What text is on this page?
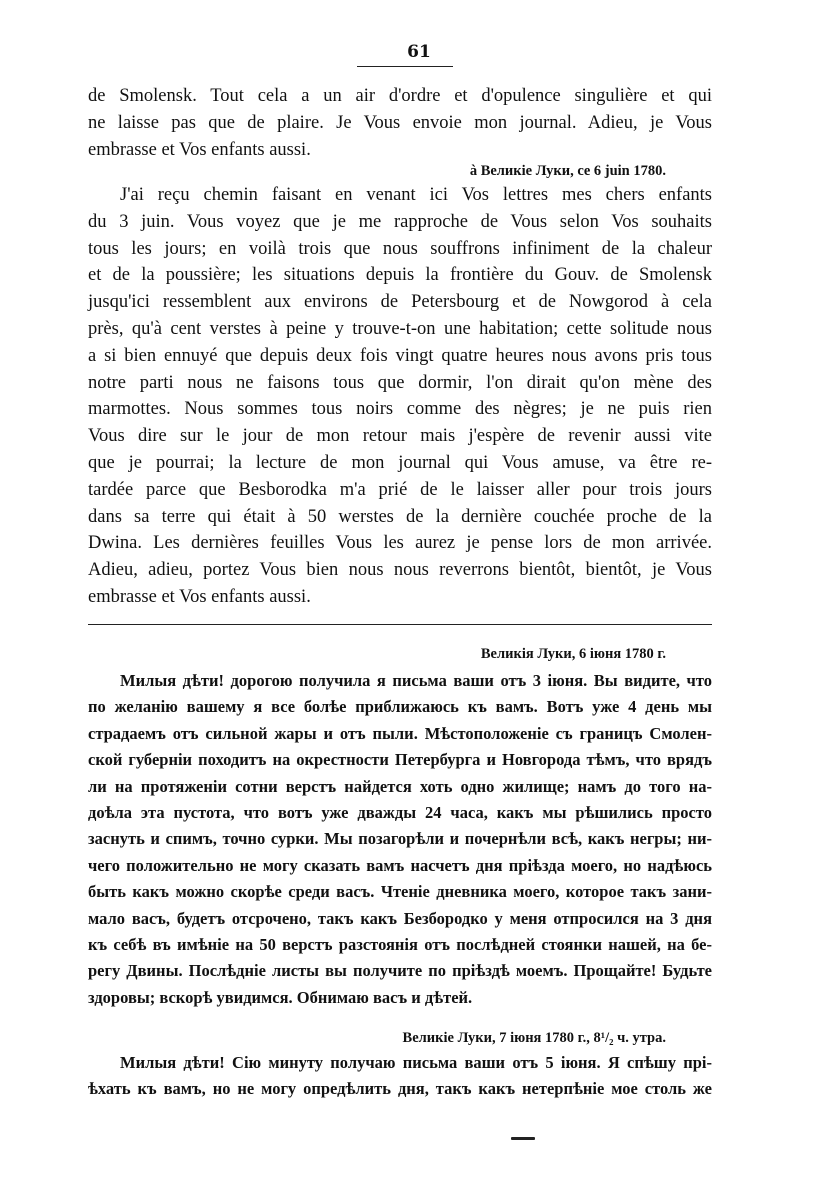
61
de Smolensk. Tout cela a un air d'ordre et d'opulence singulière et qui
ne laisse pas que de plaire. Je Vous envoie mon journal. Adieu, je Vous
embrasse et Vos enfants aussi.
à Великіе Луки, ce 6 juin 1780.
J'ai reçu chemin faisant en venant ici Vos lettres mes chers enfants
du 3 juin. Vous voyez que je me rapproche de Vous selon Vos souhaits
tous les jours; en voilà trois que nous souffrons infiniment de la chaleur
et de la poussière; les situations depuis la frontière du Gouv. de Smolensk
jusqu'ici ressemblent aux environs de Petersbourg et de Nowgorod à cela
près, qu'à cent verstes à peine y trouve-t-on une habitation; cette solitude nous
a si bien ennuyé que depuis deux fois vingt quatre heures nous avons pris tous
notre parti nous ne faisons tous que dormir, l'on dirait qu'on mène des
marmottes. Nous sommes tous noirs comme des nègres; je ne puis rien
Vous dire sur le jour de mon retour mais j'espère de revenir aussi vite
que je pourrai; la lecture de mon journal qui Vous amuse, va être re-
tardée parce que Besborodka m'a prié de le laisser aller pour trois jours
dans sa terre qui était à 50 werstes de la dernière couchée proche de la
Dwina. Les dernières feuilles Vous les aurez je pense lors de mon arrivée.
Adieu, adieu, portez Vous bien nous nous reverrons bientôt, bientôt, je Vous
embrasse et Vos enfants aussi.
Великія Луки, 6 іюня 1780 г.
Милыя дѣти! дорогою получила я письма ваши отъ 3 іюня. Вы видите, что
по желанію вашему я все болѣе приближаюсь къ вамъ. Вотъ уже 4 день мы
страдаемъ отъ сильной жары и отъ пыли. Мѣстоположеніе съ границъ Смолен-
ской губерніи походитъ на окрестности Петербурга и Новгорода тѣмъ, что врядъ
ли на протяженіи сотни верстъ найдется хоть одно жилище; намъ до того на-
доѣла эта пустота, что вотъ уже дважды 24 часа, какъ мы рѣшились просто
заснуть и спимъ, точно сурки. Мы позагорѣли и почернѣли всѣ, какъ негры; ни-
чего положительно не могу сказать вамъ насчетъ дня пріѣзда моего, но надѣюсь
быть какъ можно скорѣе среди васъ. Чтеніе дневника моего, которое такъ зани-
мало васъ, будетъ отсрочено, такъ какъ Безбородко у меня отпросился на 3 дня
къ себѣ въ имѣніе на 50 верстъ разстоянія отъ послѣдней стоянки нашей, на бе-
регу Двины. Послѣдніе листы вы получите по пріѣздѣ моемъ. Прощайте! Будьте
здоровы; вскорѣ увидимся. Обнимаю васъ и дѣтей.
Великіе Луки, 7 іюня 1780 г., 8¹/₂ ч. утра.
Милыя дѣти! Сію минуту получаю письма ваши отъ 5 іюня. Я спѣшу прі-
ѣхать къ вамъ, но не могу опредѣлить дня, такъ какъ нетерпѣніе мое столь же
